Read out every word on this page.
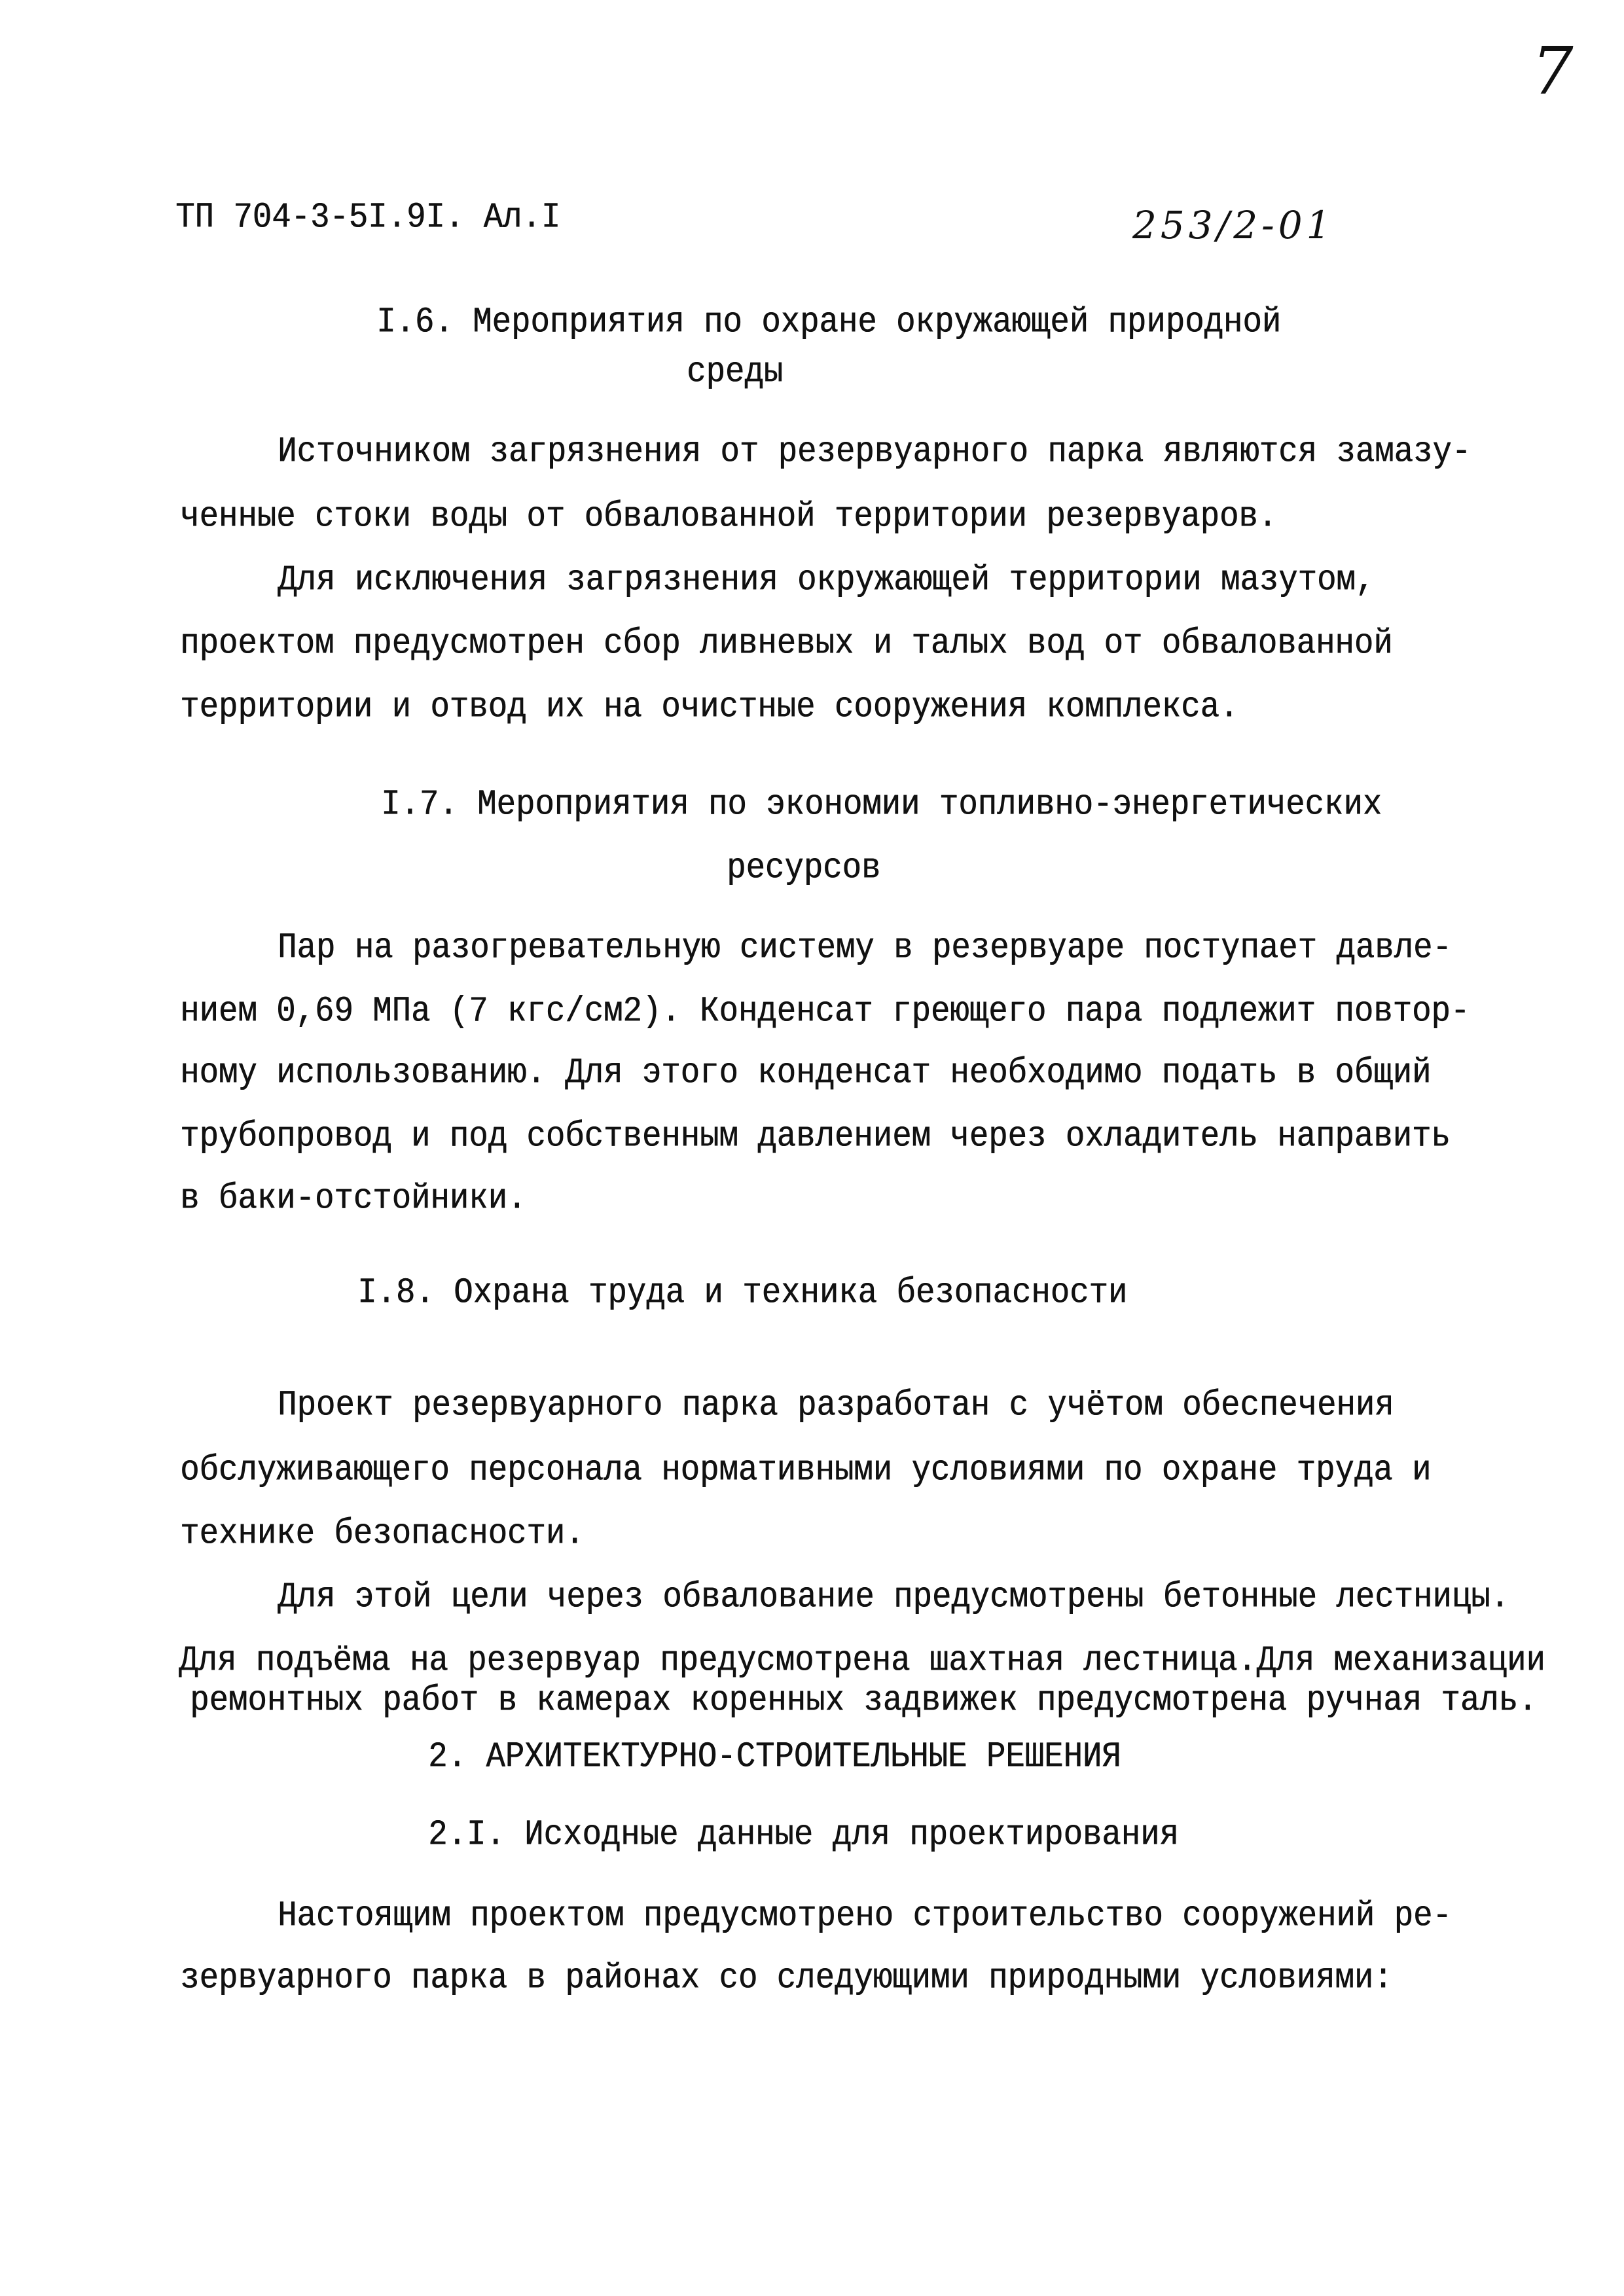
7
ТП 704-3-5I.9I. Ал.I	253/2-01
I.6. Мероприятия по охране окружающей природной
среды
Источником загрязнения от резервуарного парка являются замазу-
ченные стоки воды от обвалованной территории резервуаров.
Для исключения загрязнения окружающей территории мазутом,
проектом предусмотрен сбор ливневых и талых вод от обвалованной
территории и отвод их на очистные сооружения комплекса.
I.7. Мероприятия по экономии топливно-энергетических
ресурсов
Пар на разогревательную систему в резервуаре поступает давле-
нием 0,69 МПа (7 кгс/см2). Конденсат греющего пара подлежит повтор-
ному использованию. Для этого конденсат необходимо подать в общий
трубопровод и под собственным давлением через охладитель направить
в баки-отстойники.
I.8. Охрана труда и техника безопасности
Проект резервуарного парка разработан с учётом обеспечения
обслуживающего персонала нормативными условиями по охране труда и
технике безопасности.
Для этой цели через обвалование предусмотрены бетонные лестницы.
Для подъёма на резервуар предусмотрена шахтная лестница.Для механизации
ремонтных работ в камерах коренных задвижек предусмотрена ручная таль.
2. АРХИТЕКТУРНО-СТРОИТЕЛЬНЫЕ РЕШЕНИЯ
2.I. Исходные данные для проектирования
Настоящим проектом предусмотрено строительство сооружений ре-
зервуарного парка в районах со следующими природными условиями:
